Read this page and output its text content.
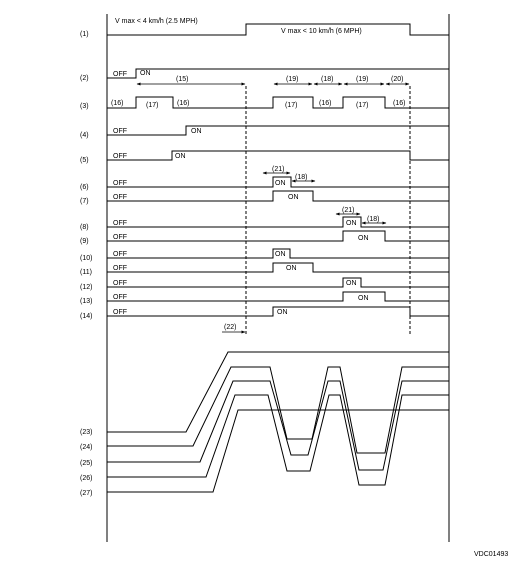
V max < 4 km/h (2.5 MPH)
V max < 10 km/h (6 MPH)
(1)
(2)
(3)
(4)
(5)
(6)
(7)
(8)
(9)
(10)
(11)
(12)
(13)
(14)
OFF ON
(16)	(17)	(16)	(17)	(16)	(17)	(16)
OFF	ON
OFF	ON
OFF	ON
OFF	ON
OFF	ON
OFF	ON
OFF	ON
OFF	ON
OFF	ON
OFF	ON
OFF	ON
(15)	(19)	(18)	(19)	(20)
(21)
(18)
(21)
(18)
(22)
(23)
(24)
(25)
(26)
(27)
VDC01493
